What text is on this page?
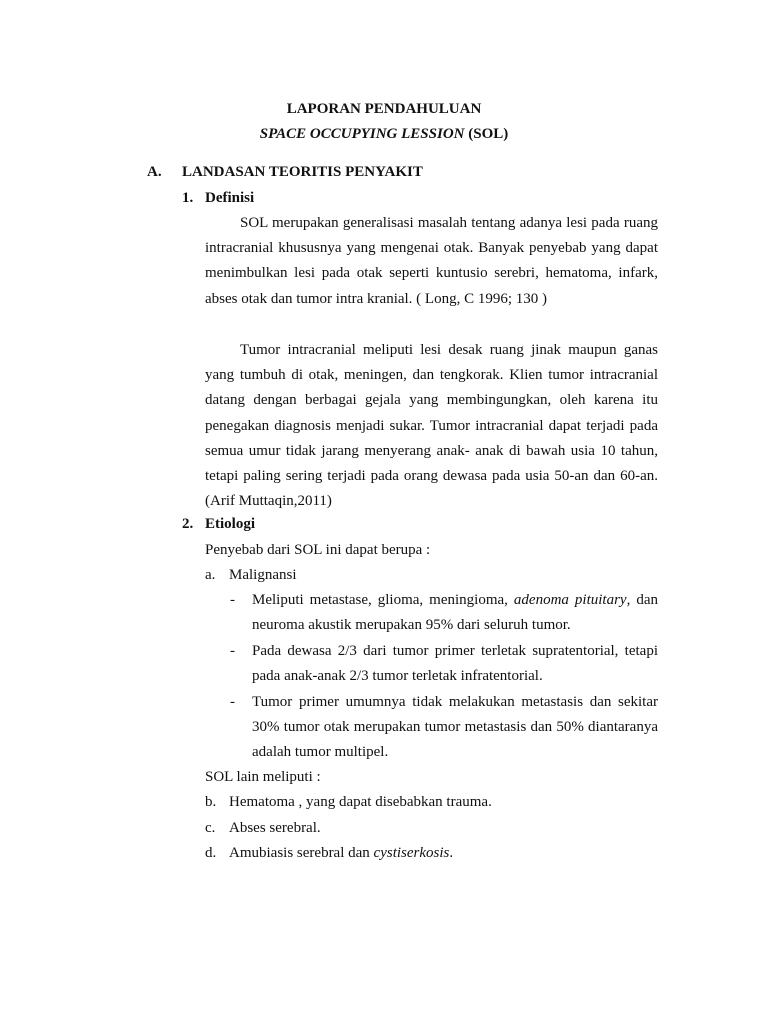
LAPORAN PENDAHULUAN
SPACE OCCUPYING LESSION (SOL)
A. LANDASAN TEORITIS PENYAKIT
1. Definisi

SOL merupakan generalisasi masalah tentang adanya lesi pada ruang intracranial khususnya yang mengenai otak. Banyak penyebab yang dapat menimbulkan lesi pada otak seperti kuntusio serebri, hematoma, infark, abses otak dan tumor intra kranial. ( Long, C 1996; 130 )

Tumor intracranial meliputi lesi desak ruang jinak maupun ganas yang tumbuh di otak, meningen, dan tengkorak. Klien tumor intracranial datang dengan berbagai gejala yang membingungkan, oleh karena itu penegakan diagnosis menjadi sukar. Tumor intracranial dapat terjadi pada semua umur tidak jarang menyerang anak- anak di bawah usia 10 tahun, tetapi paling sering terjadi pada orang dewasa pada usia 50-an dan 60-an. (Arif Muttaqin,2011)

2. Etiologi
Penyebab dari SOL ini dapat berupa :
a. Malignansi
- Meliputi metastase, glioma, meningioma, adenoma pituitary, dan neuroma akustik merupakan 95% dari seluruh tumor.

- Pada dewasa 2/3 dari tumor primer terletak supratentorial, tetapi pada anak-anak 2/3 tumor terletak infratentorial.

- Tumor primer umumnya tidak melakukan metastasis dan sekitar 30% tumor otak merupakan tumor metastasis dan 50% diantaranya adalah tumor multipel.

SOL lain meliputi :
b. Hematoma , yang dapat disebabkan trauma.
c. Abses serebral.
d. Amubiasis serebral dan cystiserkosis.
